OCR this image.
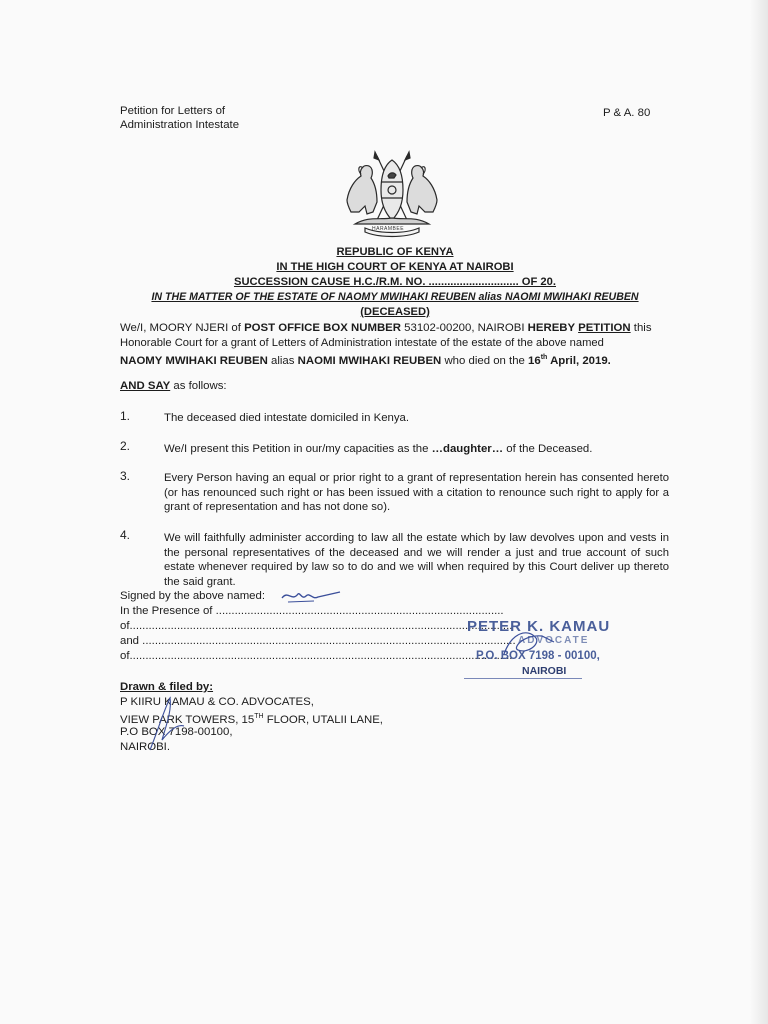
Petition for Letters of
Administration Intestate
P & A. 80
HARAMBEE
REPUBLIC OF KENYA
IN THE HIGH COURT OF KENYA AT NAIROBI
SUCCESSION CAUSE H.C./R.M. NO. ............................. OF 20.
IN THE MATTER OF THE ESTATE OF NAOMY MWIHAKI REUBEN alias NAOMI MWIHAKI REUBEN
(DECEASED)
We/I, MOORY NJERI of POST OFFICE BOX NUMBER 53102-00200, NAIROBI HEREBY PETITION this
Honorable Court for a grant of Letters of Administration intestate of the estate of the above named
NAOMY MWIHAKI REUBEN alias NAOMI MWIHAKI REUBEN who died on the 16th April, 2019.
AND SAY as follows:
1.	The deceased died intestate domiciled in Kenya.
2.	We/I present this Petition in our/my capacities as the …daughter… of the Deceased.
3.	Every Person having an equal or prior right to a grant of representation herein has consented hereto (or has renounced such right or has been issued with a citation to renounce such right to apply for a grant of representation and has not done so).
4.	We will faithfully administer according to law all the estate which by law devolves upon and vests in the personal representatives of the deceased and we will render a just and true account of such estate whenever required by law so to do and we will when required by this Court deliver up thereto the said grant.
Signed by the above named:
In the Presence of ...........................................................................................
of.........................................................................................................................
and ......................................................................................................................
of.........................................................................................................................
PETER K. KAMAU
ADVOCATE
P.O. BOX 7198 - 00100,
NAIROBI
Drawn & filed by:
P KIIRU KAMAU & CO. ADVOCATES,
VIEW PARK TOWERS, 15TH FLOOR, UTALII LANE,
P.O BOX 7198-00100,
NAIROBI.
